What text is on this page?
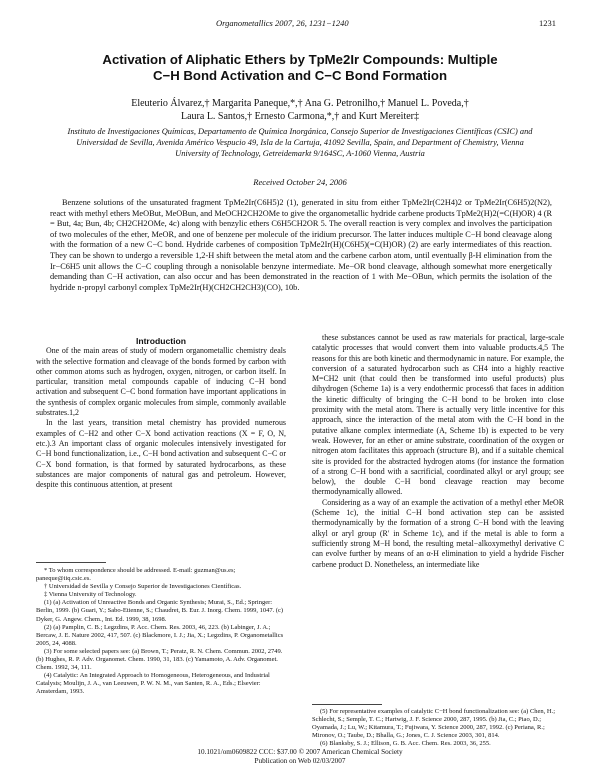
Organometallics 2007, 26, 1231−1240	1231
Activation of Aliphatic Ethers by TpMe2Ir Compounds: Multiple
C−H Bond Activation and C−C Bond Formation
Eleuterio Álvarez,† Margarita Paneque,*,† Ana G. Petronilho,† Manuel L. Poveda,†
Laura L. Santos,† Ernesto Carmona,*,† and Kurt Mereiter‡
Instituto de Investigaciones Químicas, Departamento de Química Inorgánica, Consejo Superior de Investigaciones Científicas (CSIC) and Universidad de Sevilla, Avenida Américo Vespucio 49, Isla de la Cartuja, 41092 Sevilla, Spain, and Department of Chemistry, Vienna University of Technology, Getreidemarkt 9/164SC, A-1060 Vienna, Austria
Received October 24, 2006

Benzene solutions of the unsaturated fragment TpMe2Ir(C6H5)2 (1), generated in situ from either TpMe2Ir(C2H4)2 or TpMe2Ir(C6H5)2(N2), react with methyl ethers MeOBut, MeOBun, and MeOCH2CH2OMe to give the organometallic hydride carbene products TpMe2(H)2(=C(H)OR) 4 (R = But, 4a; Bun, 4b; CH2CH2OMe, 4c) along with benzylic ethers C6H5CH2OR 5. The overall reaction is very complex and involves the participation of two molecules of the ether, MeOR, and one of benzene per molecule of the iridium precursor. The latter induces multiple C−H bond cleavage along with the formation of a new C−C bond. Hydride carbenes of composition TpMe2Ir(H)(C6H5)(=C(H)OR) (2) are early intermediates of this reaction. They can be shown to undergo a reversible 1,2-H shift between the metal atom and the carbene carbon atom, until eventually β-H elimination from the Ir−C6H5 unit allows the C−C coupling through a nonisolable benzyne intermediate. Me−OR bond cleavage, although somewhat more energetically demanding than C−H activation, can also occur and has been demonstrated in the reaction of 1 with Me−OBun, which permits the isolation of the hydride n-propyl carbonyl complex TpMe2Ir(H)(CH2CH2CH3)(CO), 10b.

Introduction

One of the main areas of study of modern organometallic chemistry deals with the selective formation and cleavage of the bonds formed by carbon with other common atoms such as hydrogen, oxygen, nitrogen, or carbon itself. In particular, transition metal compounds capable of inducing C−H bond activation and subsequent C−C bond formation have important applications in the synthesis of complex organic molecules from simple, commonly available substrates.1,2

In the last years, transition metal chemistry has provided numerous examples of C−H2 and other C−X bond activation reactions (X = F, O, N, etc.).3 An important class of organic molecules intensively investigated for C−H bond functionalization, i.e., C−H bond activation and subsequent C−C or C−X bond formation, is that formed by saturated hydrocarbons, as these substances are major components of natural gas and petroleum. However, despite this continuous attention, at present

these substances cannot be used as raw materials for practical, large-scale catalytic processes that would convert them into valuable products.4,5 The reasons for this are both kinetic and thermodynamic in nature. For example, the conversion of a saturated hydrocarbon such as CH4 into a highly reactive M=CH2 unit (that could then be transformed into useful products) plus dihydrogen (Scheme 1a) is a very endothermic process6 that faces in addition the kinetic difficulty of bringing the C−H bond to be broken into close proximity with the metal atom. There is actually very little incentive for this approach, since the interaction of the metal atom with the C−H bond in the putative alkane complex intermediate (A, Scheme 1b) is expected to be very weak. However, for an ether or amine substrate, coordination of the oxygen or nitrogen atom facilitates this approach (structure B), and if a suitable chemical site is provided for the abstracted hydrogen atoms (for instance the formation of a strong C−H bond with a sacrificial, coordinated alkyl or aryl group; see below), the double C−H bond cleavage reaction may become thermodynamically allowed.

Considering as a way of an example the activation of a methyl ether MeOR (Scheme 1c), the initial C−H bond activation step can be assisted thermodynamically by the formation of a strong C−H bond with the leaving alkyl or aryl group (R′ in Scheme 1c), and if the metal is able to form a sufficiently strong M−H bond, the resulting metal−alkoxymethyl derivative C can evolve further by means of an α-H elimination to yield a hydride Fischer carbene product D. Nonetheless, an intermediate like

* To whom correspondence should be addressed. E-mail: guzman@us.es; paneque@iiq.csic.es.

† Universidad de Sevilla y Consejo Superior de Investigaciones Científicas.

‡ Vienna University of Technology.

(1) (a) Activation of Unreactive Bonds and Organic Synthesis; Murai, S., Ed.; Springer: Berlin, 1999. (b) Guari, Y.; Sabo-Etienne, S.; Chaudret, B. Eur. J. Inorg. Chem. 1999, 1047. (c) Dyker, G. Angew. Chem., Int. Ed. 1999, 38, 1698.

(2) (a) Pamplin, C. B.; Legzdins, P. Acc. Chem. Res. 2003, 46, 223. (b) Labinger, J. A.; Bercaw, J. E. Nature 2002, 417, 507. (c) Blackmore, I. J.; Jia, X.; Legzdins, P. Organometallics 2005, 24, 4088.

(3) For some selected papers see: (a) Brown, T.; Peratz, R. N. Chem. Commun. 2002, 2749. (b) Hughes, R. P. Adv. Organomet. Chem. 1990, 31, 183. (c) Yamamoto, A. Adv. Organomet. Chem. 1992, 34, 111.

(4) Catalytic: An Integrated Approach to Homogeneous, Heterogeneous, and Industrial Catalysis; Moulijn, J. A., van Leeuwen, P. W. N. M., van Santen, R. A., Eds.; Elsevier: Amsterdam, 1993.

(5) For representative examples of catalytic C−H bond functionalization see: (a) Chen, H.; Schlecht, S.; Semple, T. C.; Hartwig, J. F. Science 2000, 287, 1995. (b) Jia, C.; Piao, D.; Oyamada, J.; Lu, W.; Kitamura, T.; Fujiwara, Y. Science 2000, 287, 1992. (c) Periana, R.; Mironov, O.; Taube, D.; Bhalla, G.; Jones, C. J. Science 2003, 301, 814.

(6) Blanksby, S. J.; Ellison, G. B. Acc. Chem. Res. 2003, 36, 255.

10.1021/om0609822 CCC: $37.00 © 2007 American Chemical Society
Publication on Web 02/03/2007
